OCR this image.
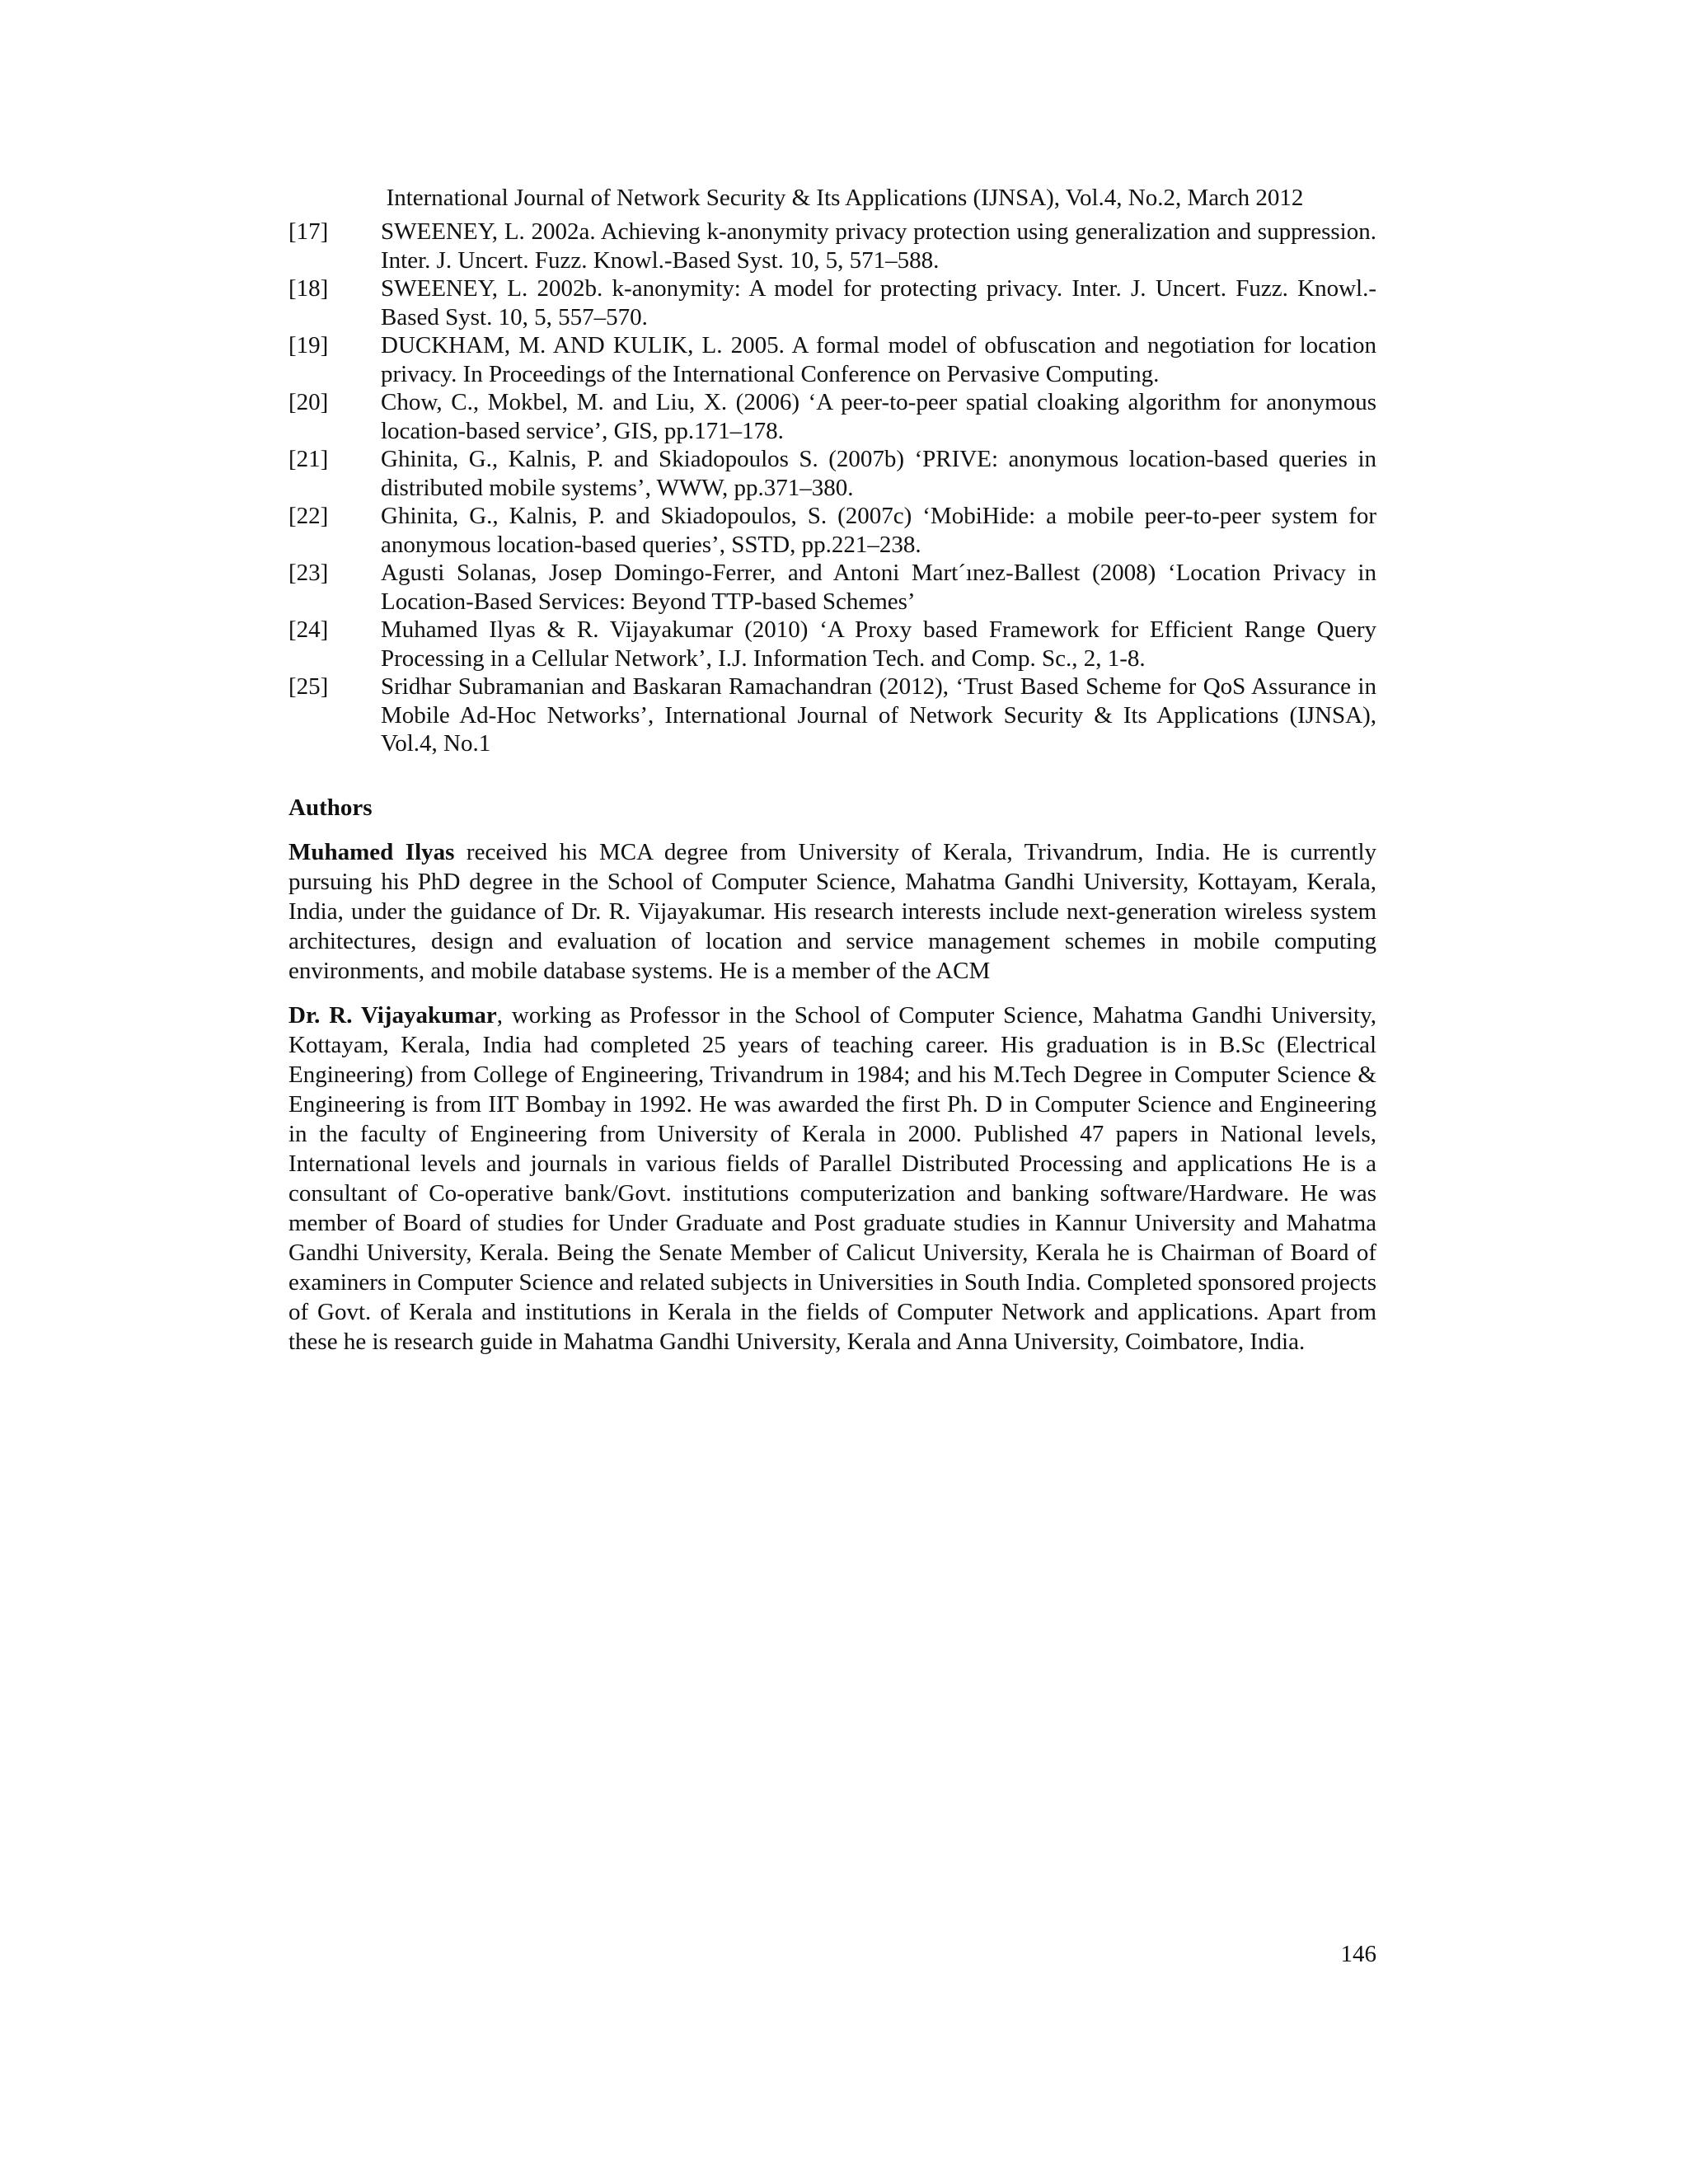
International Journal of Network Security & Its Applications (IJNSA), Vol.4, No.2, March 2012
[17]	SWEENEY, L. 2002a. Achieving k-anonymity privacy protection using generalization and suppression. Inter. J. Uncert. Fuzz. Knowl.-Based Syst. 10, 5, 571–588.
[18]	SWEENEY, L. 2002b. k-anonymity: A model for protecting privacy. Inter. J. Uncert. Fuzz. Knowl.-Based Syst. 10, 5, 557–570.
[19]	DUCKHAM, M. AND KULIK, L. 2005. A formal model of obfuscation and negotiation for location privacy. In Proceedings of the International Conference on Pervasive Computing.
[20]	Chow, C., Mokbel, M. and Liu, X. (2006) ‘A peer-to-peer spatial cloaking algorithm for anonymous location-based service’, GIS, pp.171–178.
[21]	Ghinita, G., Kalnis, P. and Skiadopoulos S. (2007b) ‘PRIVE: anonymous location-based queries in distributed mobile systems’, WWW, pp.371–380.
[22]	Ghinita, G., Kalnis, P. and Skiadopoulos, S. (2007c) ‘MobiHide: a mobile peer-to-peer system for anonymous location-based queries’, SSTD, pp.221–238.
[23]	Agusti Solanas, Josep Domingo-Ferrer, and Antoni Mart´ınez-Ballest (2008) ‘Location Privacy in Location-Based Services: Beyond TTP-based Schemes’
[24]	Muhamed Ilyas & R. Vijayakumar (2010) ‘A Proxy based Framework for Efficient Range Query Processing in a Cellular Network’, I.J. Information Tech. and Comp. Sc., 2, 1-8.
[25]	Sridhar Subramanian and Baskaran Ramachandran (2012), ‘Trust Based Scheme for QoS Assurance in Mobile Ad-Hoc Networks’, International Journal of Network Security & Its Applications (IJNSA), Vol.4, No.1
Authors

Muhamed Ilyas received his MCA degree from University of Kerala, Trivandrum, India. He is currently pursuing his PhD degree in the School of Computer Science, Mahatma Gandhi University, Kottayam, Kerala, India, under the guidance of Dr. R. Vijayakumar. His research interests include next-generation wireless system architectures, design and evaluation of location and service management schemes in mobile computing environments, and mobile database systems. He is a member of the ACM

Dr. R. Vijayakumar, working as Professor in the School of Computer Science, Mahatma Gandhi University, Kottayam, Kerala, India had completed 25 years of teaching career. His graduation is in B.Sc (Electrical Engineering) from College of Engineering, Trivandrum in 1984; and his M.Tech Degree in Computer Science & Engineering is from IIT Bombay in 1992. He was awarded the first Ph. D in Computer Science and Engineering in the faculty of Engineering from University of Kerala in 2000. Published 47 papers in National levels, International levels and journals in various fields of Parallel Distributed Processing and applications He is a consultant of Co-operative bank/Govt. institutions computerization and banking software/Hardware. He was member of Board of studies for Under Graduate and Post graduate studies in Kannur University and Mahatma Gandhi University, Kerala. Being the Senate Member of Calicut University, Kerala he is Chairman of Board of examiners in Computer Science and related subjects in Universities in South India. Completed sponsored projects of Govt. of Kerala and institutions in Kerala in the fields of Computer Network and applications. Apart from these he is research guide in Mahatma Gandhi University, Kerala and Anna University, Coimbatore, India.

146
